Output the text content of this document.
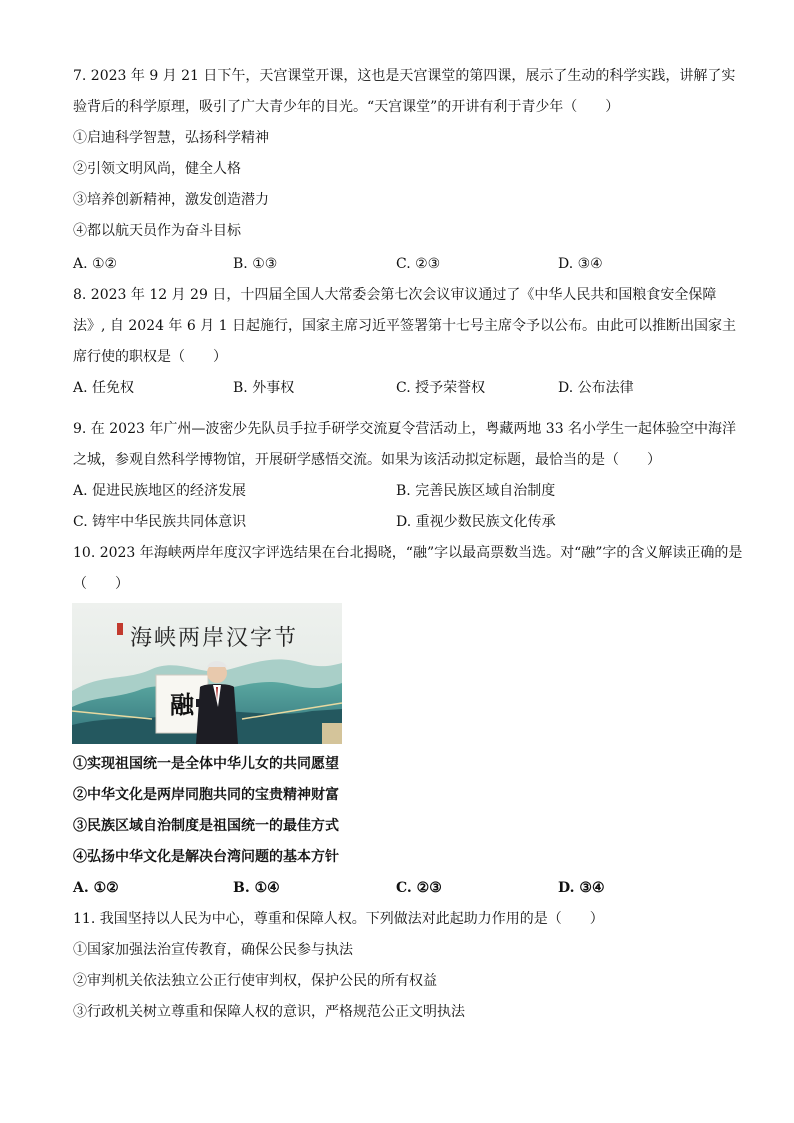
7. 2023 年 9 月 21 日下午，天宫课堂开课，这也是天宫课堂的第四课，展示了生动的科学实践，讲解了实
验背后的科学原理，吸引了广大青少年的目光。“天宫课堂”的开讲有利于青少年（　　）
①启迪科学智慧，弘扬科学精神
②引领文明风尚，健全人格
③培养创新精神，激发创造潜力
④都以航天员作为奋斗目标
A. ①②	B. ①③	C. ②③	D. ③④
8. 2023 年 12 月 29 日，十四届全国人大常委会第七次会议审议通过了《中华人民共和国粮食安全保障
法》, 自 2024 年 6 月 1 日起施行，国家主席习近平签署第十七号主席令予以公布。由此可以推断出国家主
席行使的职权是（　　）
A. 任免权	B. 外事权	C. 授予荣誉权	D. 公布法律
9. 在 2023 年广州—波密少先队员手拉手研学交流夏令营活动上，粤藏两地 33 名小学生一起体验空中海洋
之城，参观自然科学博物馆，开展研学感悟交流。如果为该活动拟定标题，最恰当的是（　　）
A. 促进民族地区的经济发展	B. 完善民族区域自治制度
C. 铸牢中华民族共同体意识	D. 重视少数民族文化传承
10. 2023 年海峡两岸年度汉字评选结果在台北揭晓，“融”字以最高票数当选。对“融”字的含义解读正确的是
（　　）
海峡两岸汉字节
融
①实现祖国统一是全体中华儿女的共同愿望
②中华文化是两岸同胞共同的宝贵精神财富
③民族区域自治制度是祖国统一的最佳方式
④弘扬中华文化是解决台湾问题的基本方针
A. ①②	B. ①④	C. ②③	D. ③④
11. 我国坚持以人民为中心，尊重和保障人权。下列做法对此起助力作用的是（　　）
①国家加强法治宣传教育，确保公民参与执法
②审判机关依法独立公正行使审判权，保护公民的所有权益
③行政机关树立尊重和保障人权的意识，严格规范公正文明执法
